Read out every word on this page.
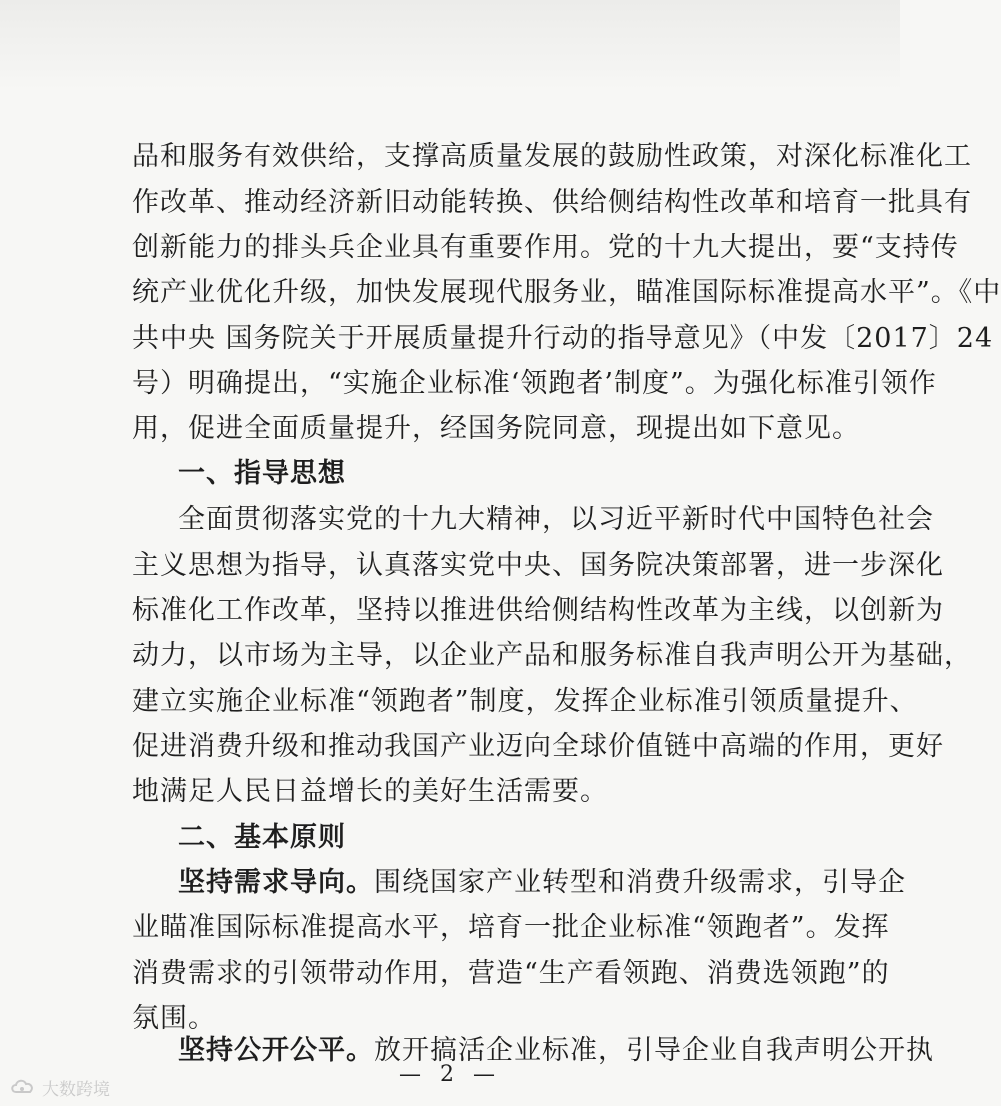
品和服务有效供给，支撑高质量发展的鼓励性政策，对深化标准化工
作改革、推动经济新旧动能转换、供给侧结构性改革和培育一批具有
创新能力的排头兵企业具有重要作用。党的十九大提出，要“支持传
统产业优化升级，加快发展现代服务业，瞄准国际标准提高水平”。《中
共中央 国务院关于开展质量提升行动的指导意见》（中发〔2017〕24
号）明确提出，“实施企业标准‘领跑者’制度”。为强化标准引领作
用，促进全面质量提升，经国务院同意，现提出如下意见。
一、指导思想
全面贯彻落实党的十九大精神，以习近平新时代中国特色社会
主义思想为指导，认真落实党中央、国务院决策部署，进一步深化
标准化工作改革，坚持以推进供给侧结构性改革为主线，以创新为
动力，以市场为主导，以企业产品和服务标准自我声明公开为基础，
建立实施企业标准“领跑者”制度，发挥企业标准引领质量提升、
促进消费升级和推动我国产业迈向全球价值链中高端的作用，更好
地满足人民日益增长的美好生活需要。
二、基本原则
坚持需求导向。围绕国家产业转型和消费升级需求，引导企
业瞄准国际标准提高水平，培育一批企业标准“领跑者”。发挥
消费需求的引领带动作用，营造“生产看领跑、消费选领跑”的
氛围。
坚持公开公平。放开搞活企业标准，引导企业自我声明公开执
— 2 —
大数跨境
